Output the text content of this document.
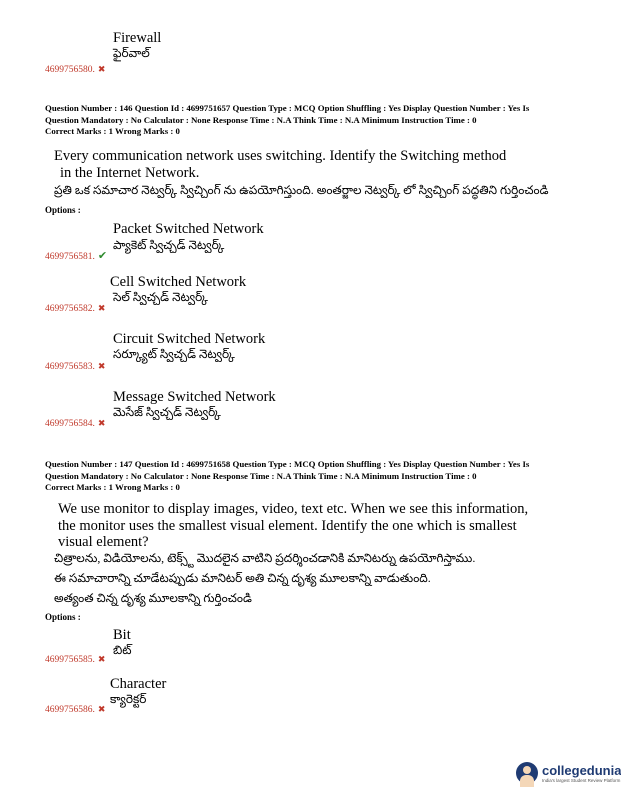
Firewall
ఫైర్‌వాల్
4699756580. ✖
Question Number : 146 Question Id : 4699751657 Question Type : MCQ Option Shuffling : Yes Display Question Number : Yes Is
Question Mandatory : No Calculator : None Response Time : N.A Think Time : N.A Minimum Instruction Time : 0
Correct Marks : 1 Wrong Marks : 0
Every communication network uses switching. Identify the Switching method
in the Internet Network.
ప్రతి ఒక సమాచార నెట్వర్క్ స్విచ్చింగ్ ను ఉపయోగిస్తుంది. అంతర్జాల నెట్వర్క్ లో స్విచ్చింగ్ పద్ధతిని గుర్తించండి
Options :
Packet Switched Network
ప్యాకెట్ స్విచ్చడ్ నెట్వర్క్
4699756581. ✔
Cell Switched Network
సెల్ స్విచ్చడ్ నెట్వర్క్
4699756582. ✖
Circuit Switched Network
సర్క్యూట్ స్విచ్చడ్ నెట్వర్క్
4699756583. ✖
Message Switched Network
మెసేజ్ స్విచ్చడ్ నెట్వర్క్
4699756584. ✖
Question Number : 147 Question Id : 4699751658 Question Type : MCQ Option Shuffling : Yes Display Question Number : Yes Is
Question Mandatory : No Calculator : None Response Time : N.A Think Time : N.A Minimum Instruction Time : 0
Correct Marks : 1 Wrong Marks : 0
We use monitor to display images, video, text etc. When we see this information,
the monitor uses the smallest visual element. Identify the one which is smallest
visual element?
చిత్రాలను, విడియోలను, టెక్స్ట్ మొదలైన వాటిని ప్రదర్శించడానికి మానిటర్ను ఉపయోగిస్తాము.
ఈ సమాచారాన్ని చూడేటప్పుడు మానిటర్ అతి చిన్న దృశ్య మూలకాన్ని వాడుతుంది.
అత్యంత చిన్న దృశ్య మూలకాన్ని గుర్తించండి
Options :
Bit
బిట్
4699756585. ✖
Character
క్యారెక్టర్
4699756586. ✖
collegedunia
India's largest Student Review Platform
